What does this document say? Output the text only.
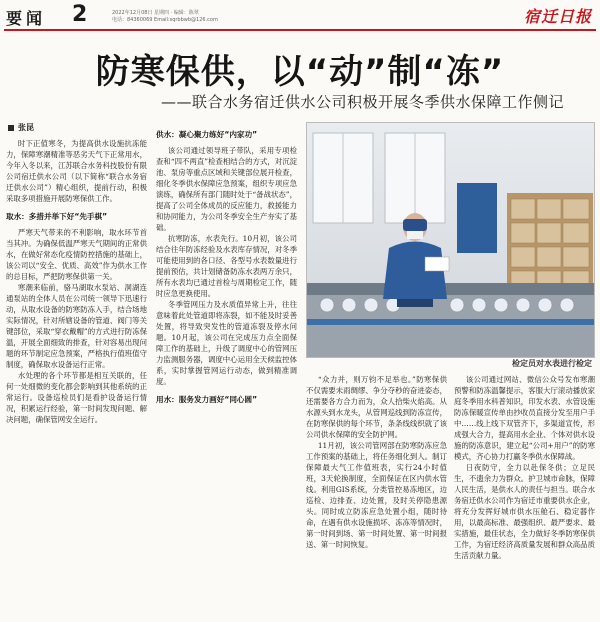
要闻 2	2022年12月08日 星期四 · 编辑：陈翠
电话：84360069 Email:sqrbbwb@126.com	宿迁日报
防寒保供，以“动”制“冻”
——联合水务宿迁供水公司积极开展冬季供水保障工作侧记
张昆

时下正值寒冬，为提高供水设施抗冻能力，保障寒潮精准等恶劣天气下正常用水，今年入冬以来，江苏联合水务科技股份有限公司宿迁供水公司（以下简称“联合水务宿迁供水公司”）精心组织，提前行动，积极采取多项措施开展防寒保供工作。

取水：多措并举下好“先手棋”

严寒天气带来的不利影响，取水环节首当其冲。为确保低温严寒天气期间的正常供水，在做好常态化疫情防控措施的基础上，该公司以“安全、优质、高效”作为供水工作的总目标，严把防寒保供第一关。

寒潮来临前，骆马湖取水泵站、洞湖连通泵站的全体人员在公司统一领导下迅速行动，从取水设备的防寒防冻入手，结合场地实际情况，针对所辖设备的管道、阀门等关键部位，采取“穿衣戴帽”的方式进行防冻保温，开展全面细致的排查，针对容易出现问题的环节制定应急预案，严格执行值班值守制度，确保取水设备运行正常。

水处理的各个环节都是相互关联的，任何一处细微的变化都会影响到其他系统的正常运行。设备巡检员们是看护设备运行情况，积累运行经验，第一时间发现问题、解决问题，确保管网安全运行。

供水：凝心聚力练好“内家功”

该公司通过领导班子带队，采用专项检查和“四不两直”检查相结合的方式，对沉淀池、泵房等重点区域和关键部位展开检查，细化冬季供水保障应急预案，组织专项应急演练，确保所有部门随时处于“备战状态”，提高了公司全体成员的反应能力，救援能力和协同能力，为公司冬季安全生产夯实了基础。

抗寒防冻，水表先行。10月初，该公司结合往年防冻经验及水表库存情况，对冬季可能使用到的各口径、各型号水表数量进行提前预估，共计划储备防冻水表两万余只，所有水表均已通过首检与周期检定工作，随时应急更换使用。

冬季管网压力及水质值异常上升，往往意味着此处管道即将冻裂，如不能及时妥善处置，将导致突发性的管道冻裂及停水问题。10月起，该公司在完成压力点全面保障工作的基础上，升级了调度中心的管网压力监测服务器，调度中心运用全天候监控体系，实时掌握管网运行动态，做到精准调度。

用水：服务发力画好“同心圆”
检定员对水表进行检定

“众力并，则万钧不足举也。”防寒保供不仅需要未雨绸缪、争分夺秒的奋进姿态，还需要各方合力而为，众人拾柴火焰高。从水源头到水龙头，从管网巡线到防冻宣传，在防寒保供的每个环节，条条线线织就了该公司供水保障的安全防护网。

11月初，该公司管网部在防寒防冻应急工作预案的基础上，将任务细化到人。制订保障最大气工作值班表，实行24小时值班，3天轮换制度，全面保证在区内供水管线。利用GIS系统，分类管控易冻地区，边巡检、边排查、边处置，及时关停隐患源头。同时成立防冻应急处置小组，随时待命，在遇有供水设施损坏、冻冻等情况时，第一时间到场、第一时间处置、第一时间报送、第一时间恢复。

该公司通过网站、微信公众号发布寒潮预警和防冻温馨提示，客服大厅滚动播放家庭冬季用水科普知识，印发水表、水管设施防冻保暖宣传单由抄收员直接分发至用户手中……线上线下双管齐下，多渠道宣传，形成强大合力，提高用水企业、个体对供水设施的防冻意识，建立起“公司+用户”的防寒模式，齐心协力打赢冬季供水保障战。

日夜防守，全力以赴保冬供；立足民生，不遗余力为群众。护卫城市命脉，保障人民生活，是供水人的责任与担当。联合水务宿迁供水公司作为宿迁市重要供水企业，将充分发挥好城市供水压舱石、稳定器作用，以最高标准、最强组织、最严要求、最实措施，最佳状态，全力做好冬季防寒保供工作，为宿迁经济高质量发展和群众高品质生活贡献力量。
